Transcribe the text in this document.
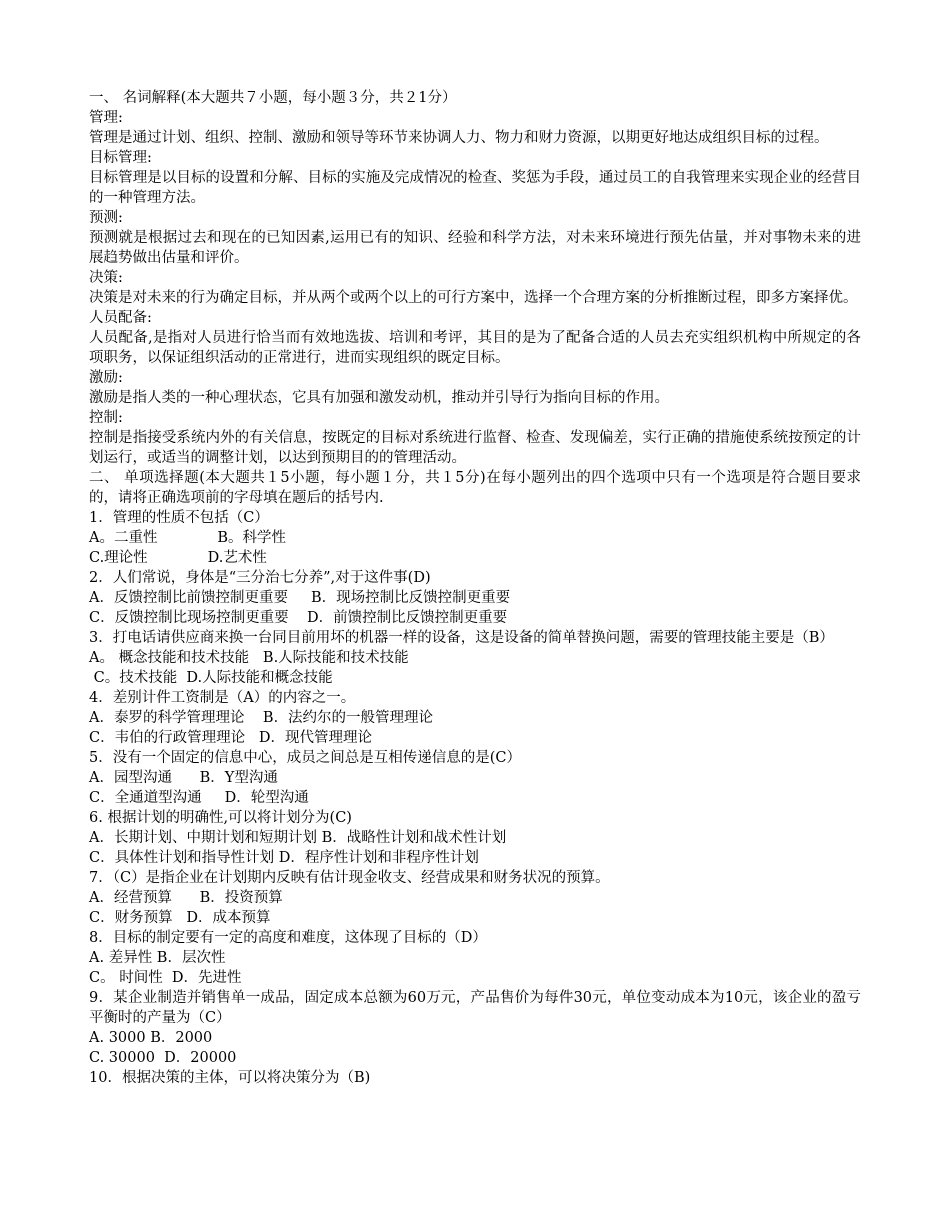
一、 名词解释(本大题共７小题，每小题３分，共２1分）
管理:
管理是通过计划、组织、控制、激励和领导等环节来协调人力、物力和财力资源，以期更好地达成组织目标的过程。
目标管理:
目标管理是以目标的设置和分解、目标的实施及完成情况的检查、奖惩为手段，通过员工的自我管理来实现企业的经营目的一种管理方法。
预测:
预测就是根据过去和现在的已知因素,运用已有的知识、经验和科学方法，对未来环境进行预先估量，并对事物未来的进展趋势做出估量和评价。
决策:
决策是对未来的行为确定目标，并从两个或两个以上的可行方案中，选择一个合理方案的分析推断过程，即多方案择优。
人员配备:
人员配备,是指对人员进行恰当而有效地选拔、培训和考评，其目的是为了配备合适的人员去充实组织机构中所规定的各项职务，以保证组织活动的正常进行，进而实现组织的既定目标。
激励:
激励是指人类的一种心理状态，它具有加强和激发动机，推动并引导行为指向目标的作用。
控制:
控制是指接受系统内外的有关信息，按既定的目标对系统进行监督、检查、发现偏差，实行正确的措施使系统按预定的计划运行，或适当的调整计划，以达到预期目的的管理活动。
二、 单项选择题(本大题共１5小题，每小题１分，共１5分)在每小题列出的四个选项中只有一个选项是符合题目要求的，请将正确选项前的字母填在题后的括号内.
1．管理的性质不包括（C）
A。二重性             B。科学性
C.理论性             D.艺术性
2．人们常说，身体是“三分治七分养”,对于这件事(D)
A．反馈控制比前馈控制更重要     B．现场控制比反馈控制更重要
C．反馈控制比现场控制更重要    D．前馈控制比反馈控制更重要
3．打电话请供应商来换一台同目前用坏的机器一样的设备，这是设备的简单替换问题，需要的管理技能主要是（B）
A。 概念技能和技术技能   B.人际技能和技术技能
C。技术技能  D.人际技能和概念技能
4．差别计件工资制是（A）的内容之一。
A．泰罗的科学管理理论    B．法约尔的一般管理理论
C．韦伯的行政管理理论   D．现代管理理论
5．没有一个固定的信息中心，成员之间总是互相传递信息的是(C）
A．园型沟通      B．Y型沟通
C．全通道型沟通     D．轮型沟通
6. 根据计划的明确性,可以将计划分为(C)
A．长期计划、中期计划和短期计划 B．战略性计划和战术性计划
C．具体性计划和指导性计划 D．程序性计划和非程序性计划
7．（C）是指企业在计划期内反映有估计现金收支、经营成果和财务状况的预算。
A．经营预算      B．投资预算
C．财务预算   D．成本预算
8．目标的制定要有一定的高度和难度，这体现了目标的（D）
A. 差异性 B．层次性
C。 时间性  D．先进性
9．某企业制造并销售单一成品，固定成本总额为60万元，产品售价为每件30元，单位变动成本为10元，该企业的盈亏平衡时的产量为（C）
A. 3000 B．2000
C. 30000  D．20000
10．根据决策的主体，可以将决策分为（B)
